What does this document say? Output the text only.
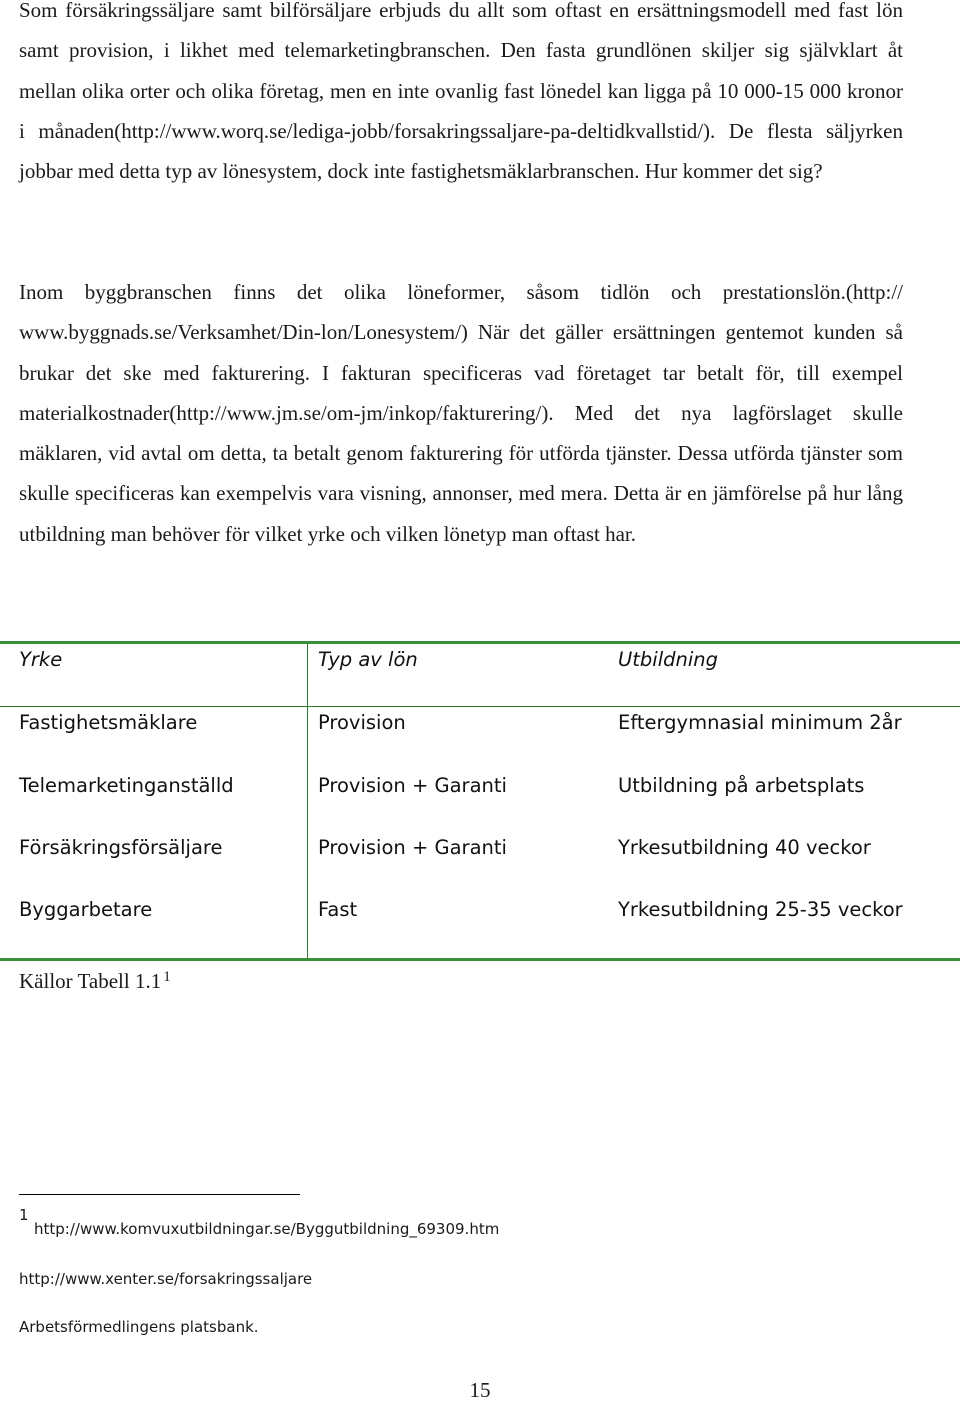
Som försäkringssäljare samt bilförsäljare erbjuds du allt som oftast en ersättningsmodell med fast lön samt provision, i likhet med telemarketingbranschen. Den fasta grundlönen skiljer sig självklart åt mellan olika orter och olika företag, men en inte ovanlig fast lönedel kan ligga på 10 000-15 000 kronor i månaden(http://www.worq.se/lediga-jobb/forsakringssaljare-pa-deltidkvallstid/). De flesta säljyrken jobbar med detta typ av lönesystem, dock inte fastighetsmäklarbranschen. Hur kommer det sig?

Inom byggbranschen finns det olika löneformer, såsom tidlön och prestationslön.(http:// www.byggnads.se/Verksamhet/Din-lon/Lonesystem/) När det gäller ersättningen gentemot kunden så brukar det ske med fakturering. I fakturan specificeras vad företaget tar betalt för, till exempel materialkostnader(http://www.jm.se/om-jm/inkop/fakturering/). Med det nya lagförslaget skulle mäklaren, vid avtal om detta, ta betalt genom fakturering för utförda tjänster. Dessa utförda tjänster som skulle specificeras kan exempelvis vara visning, annonser, med mera. Detta är en jämförelse på hur lång utbildning man behöver för vilket yrke och vilken lönetyp man oftast har.

Yrke	Typ av lön	Utbildning
Fastighetsmäklare	Provision	Eftergymnasial minimum 2år
Telemarketinganställd	Provision + Garanti	Utbildning på arbetsplats
Försäkringsförsäljare	Provision + Garanti	Yrkesutbildning 40 veckor
Byggarbetare	Fast	Yrkesutbildning 25-35 veckor
Källor Tabell 1.1 $^1$
1
http://www.komvuxutbildningar.se/Byggutbildning_69309.htm
http://www.xenter.se/forsakringssaljare
Arbetsförmedlingens platsbank.
15
